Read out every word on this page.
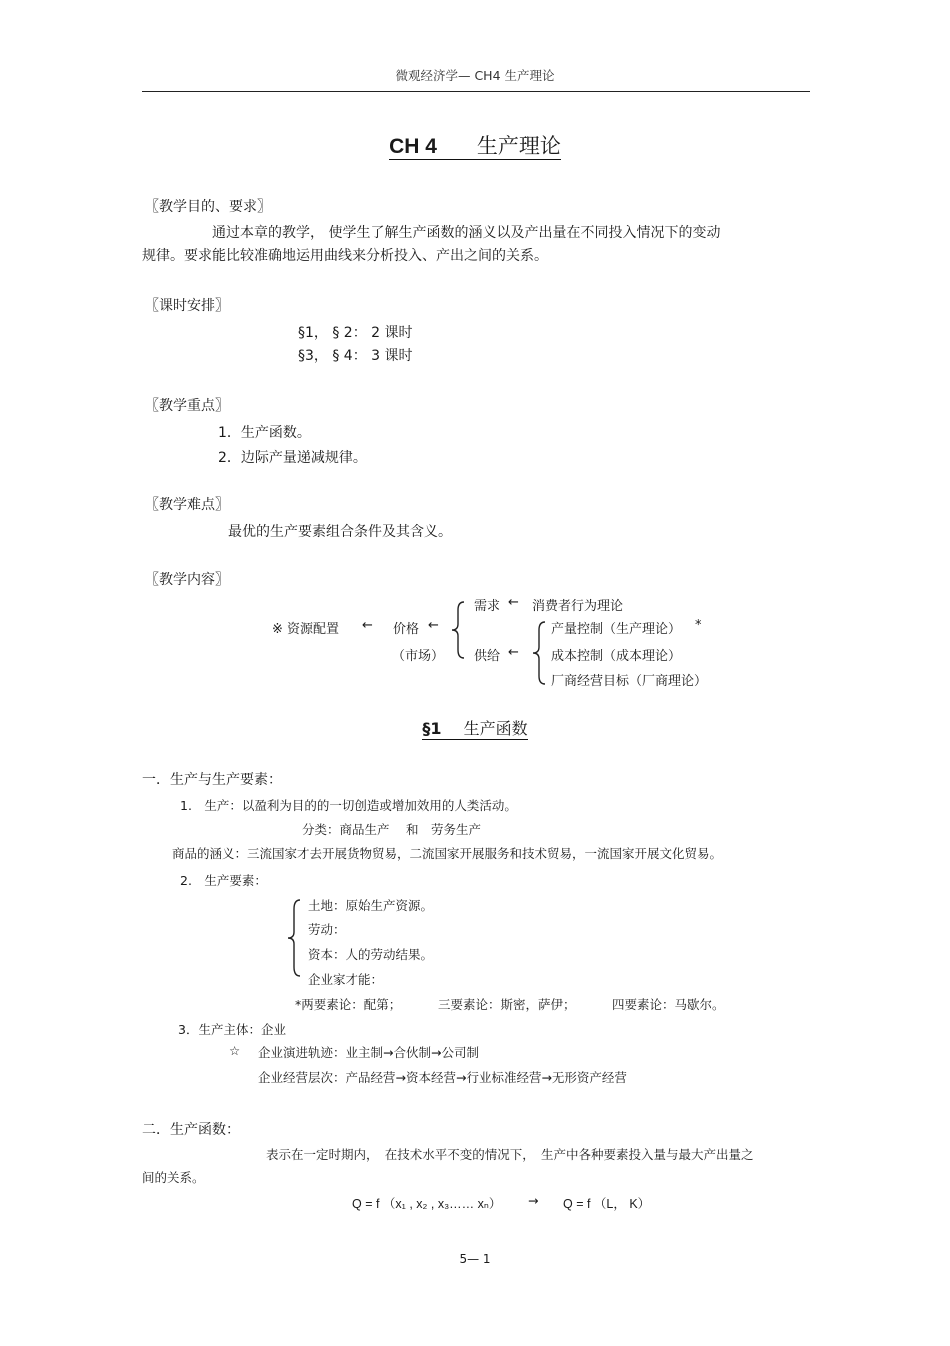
微观经济学— CH4 生产理论
CH 4 生产理论
〖教学目的、要求〗
通过本章的教学， 使学生了解生产函数的涵义以及产出量在不同投入情况下的变动
规律。要求能比较准确地运用曲线来分析投入、产出之间的关系。
〖课时安排〗
§1， § 2： 2 课时
§3， § 4： 3 课时
〖教学重点〗
1．生产函数。
2．边际产量递减规律。
〖教学难点〗
最优的生产要素组合条件及其含义。
〖教学内容〗
※ 资源配置 ← 价格 ←
（市场）
需求 ← 消费者行为理论
供给 ←
产量控制（生产理论） *
成本控制（成本理论）
厂商经营目标（厂商理论）
§1 生产函数
一．生产与生产要素：
1.　生产：以盈利为目的的一切创造或增加效用的人类活动。
分类：商品生产　 和　劳务生产
商品的涵义：三流国家才去开展货物贸易，二流国家开展服务和技术贸易，一流国家开展文化贸易。
2.　生产要素：
土地：原始生产资源。
劳动：
资本：人的劳动结果。
企业家才能：
*两要素论：配第；	三要素论：斯密，萨伊；	四要素论：马歇尔。
3．生产主体：企业
☆ 企业演进轨迹：业主制→合伙制→公司制
企业经营层次：产品经营→资本经营→行业标准经营→无形资产经营
二．生产函数：
表示在一定时期内，　在技术水平不变的情况下，　生产中各种要素投入量与最大产出量之
间的关系。
Q = f （x₁ , x₂ , x₃…… xₙ） → Q = f （L， K）
5— 1
